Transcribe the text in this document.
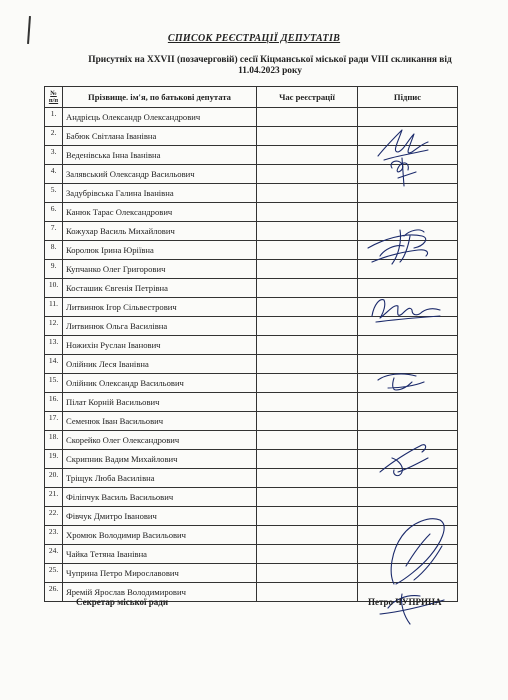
СПИСОК РЕЄСТРАЦІЇ ДЕПУТАТІВ
Присутніх на XXVII (позачерговій) сесії Кіцманської міської ради VIII скликання від
11.04.2023 року
№
п/п	Прізвище. ім'я, по батькові депутата	Час реєстрації	Підпис
1.	Андрієць Олександр Олександрович		
2.	Бабюк Світлана Іванівна		
3.	Веденівська Інна Іванівна		
4.	Залявський Олександр Васильович		
5.	Задубрівська Галина Іванівна		
6.	Канюк Тарас Олександрович		
7.	Кожухар Василь Михайлович		
8.	Королюк Ірина Юріївна		
9.	Купчанко Олег Григорович		
10.	Косташик Євгенія Петрівна		
11.	Литвинюк Ігор Сільвестрович		
12.	Литвинюк Ольга Василівна		
13.	Ножихін Руслан Іванович		
14.	Олійник Леся Іванівна		
15.	Олійник Олександр Васильович		
16.	Пілат Корній Васильович		
17.	Семенюк Іван Васильович		
18.	Скорейко Олег Олександрович		
19.	Скрипник Вадим Михайлович		
20.	Тріщук Люба Василівна		
21.	Філіпчук Василь Васильович		
22.	Фівчук Дмитро Іванович		
23.	Хромюк Володимир Васильович		
24.	Чайка Тетяна Іванівна		
25.	Чуприна Петро Мирославович		
26.	Яремій Ярослав Володимирович		
Секретар міської ради	Петро ЧУПРИНА
